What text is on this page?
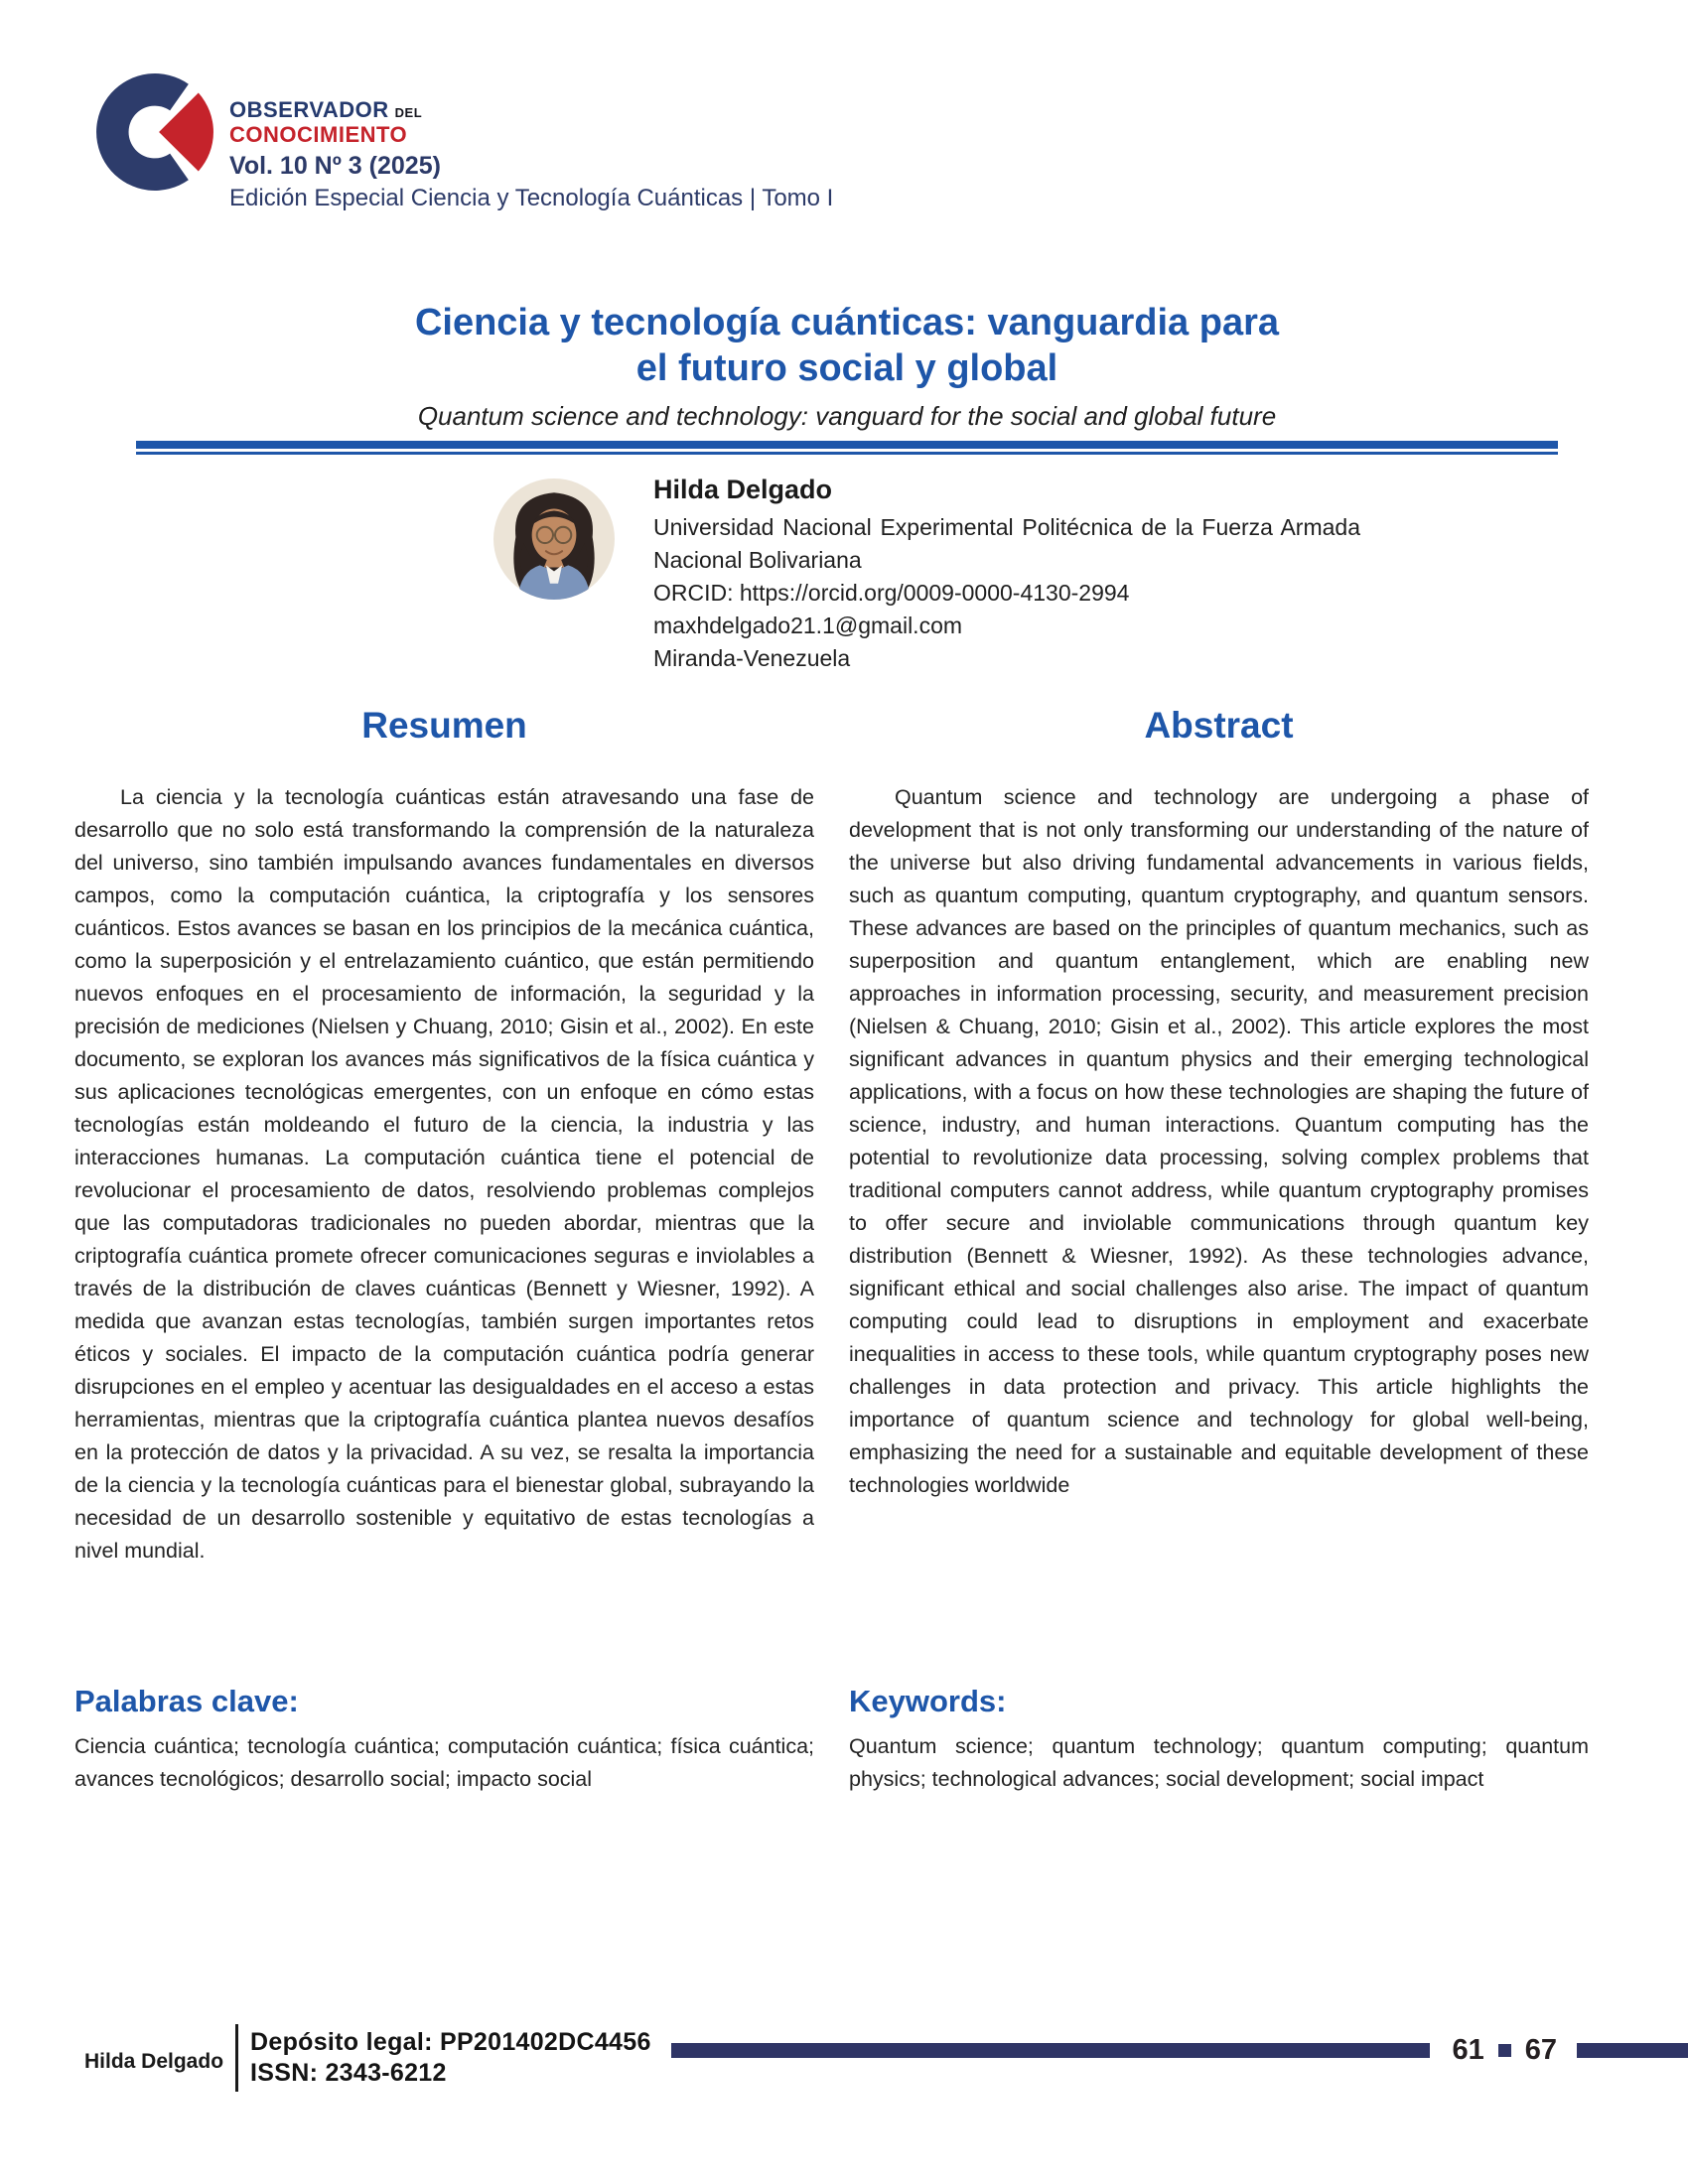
OBSERVADOR DEL
CONOCIMIENTO
Vol. 10 Nº 3 (2025)
Edición Especial Ciencia y Tecnología Cuánticas | Tomo I
Ciencia y tecnología cuánticas: vanguardia para
el futuro social y global
Quantum science and technology: vanguard for the social and global future
Hilda Delgado
Universidad Nacional Experimental Politécnica de la Fuerza Armada Nacional Bolivariana
ORCID: https://orcid.org/0009-0000-4130-2994
maxhdelgado21.1@gmail.com
Miranda-Venezuela
Resumen
La ciencia y la tecnología cuánticas están atravesando una fase de desarrollo que no solo está transformando la comprensión de la naturaleza del universo, sino también impulsando avances fundamentales en diversos campos, como la computación cuántica, la criptografía y los sensores cuánticos. Estos avances se basan en los principios de la mecánica cuántica, como la superposición y el entrelazamiento cuántico, que están permitiendo nuevos enfoques en el procesamiento de información, la seguridad y la precisión de mediciones (Nielsen y Chuang, 2010; Gisin et al., 2002). En este documento, se exploran los avances más significativos de la física cuántica y sus aplicaciones tecnológicas emergentes, con un enfoque en cómo estas tecnologías están moldeando el futuro de la ciencia, la industria y las interacciones humanas. La computación cuántica tiene el potencial de revolucionar el procesamiento de datos, resolviendo problemas complejos que las computadoras tradicionales no pueden abordar, mientras que la criptografía cuántica promete ofrecer comunicaciones seguras e inviolables a través de la distribución de claves cuánticas (Bennett y Wiesner, 1992). A medida que avanzan estas tecnologías, también surgen importantes retos éticos y sociales. El impacto de la computación cuántica podría generar disrupciones en el empleo y acentuar las desigualdades en el acceso a estas herramientas, mientras que la criptografía cuántica plantea nuevos desafíos en la protección de datos y la privacidad. A su vez, se resalta la importancia de la ciencia y la tecnología cuánticas para el bienestar global, subrayando la necesidad de un desarrollo sostenible y equitativo de estas tecnologías a nivel mundial.
Abstract
Quantum science and technology are undergoing a phase of development that is not only transforming our understanding of the nature of the universe but also driving fundamental advancements in various fields, such as quantum computing, quantum cryptography, and quantum sensors. These advances are based on the principles of quantum mechanics, such as superposition and quantum entanglement, which are enabling new approaches in information processing, security, and measurement precision (Nielsen & Chuang, 2010; Gisin et al., 2002). This article explores the most significant advances in quantum physics and their emerging technological applications, with a focus on how these technologies are shaping the future of science, industry, and human interactions. Quantum computing has the potential to revolutionize data processing, solving complex problems that traditional computers cannot address, while quantum cryptography promises to offer secure and inviolable communications through quantum key distribution (Bennett & Wiesner, 1992). As these technologies advance, significant ethical and social challenges also arise. The impact of quantum computing could lead to disruptions in employment and exacerbate inequalities in access to these tools, while quantum cryptography poses new challenges in data protection and privacy. This article highlights the importance of quantum science and technology for global well-being, emphasizing the need for a sustainable and equitable development of these technologies worldwide
Palabras clave:
Ciencia cuántica; tecnología cuántica; computación cuántica; física cuántica; avances tecnológicos; desarrollo social; impacto social
Keywords:
Quantum science; quantum technology; quantum computing; quantum physics; technological advances; social development; social impact
Hilda Delgado
Depósito legal: PP201402DC4456
ISSN: 2343-6212
61 67
